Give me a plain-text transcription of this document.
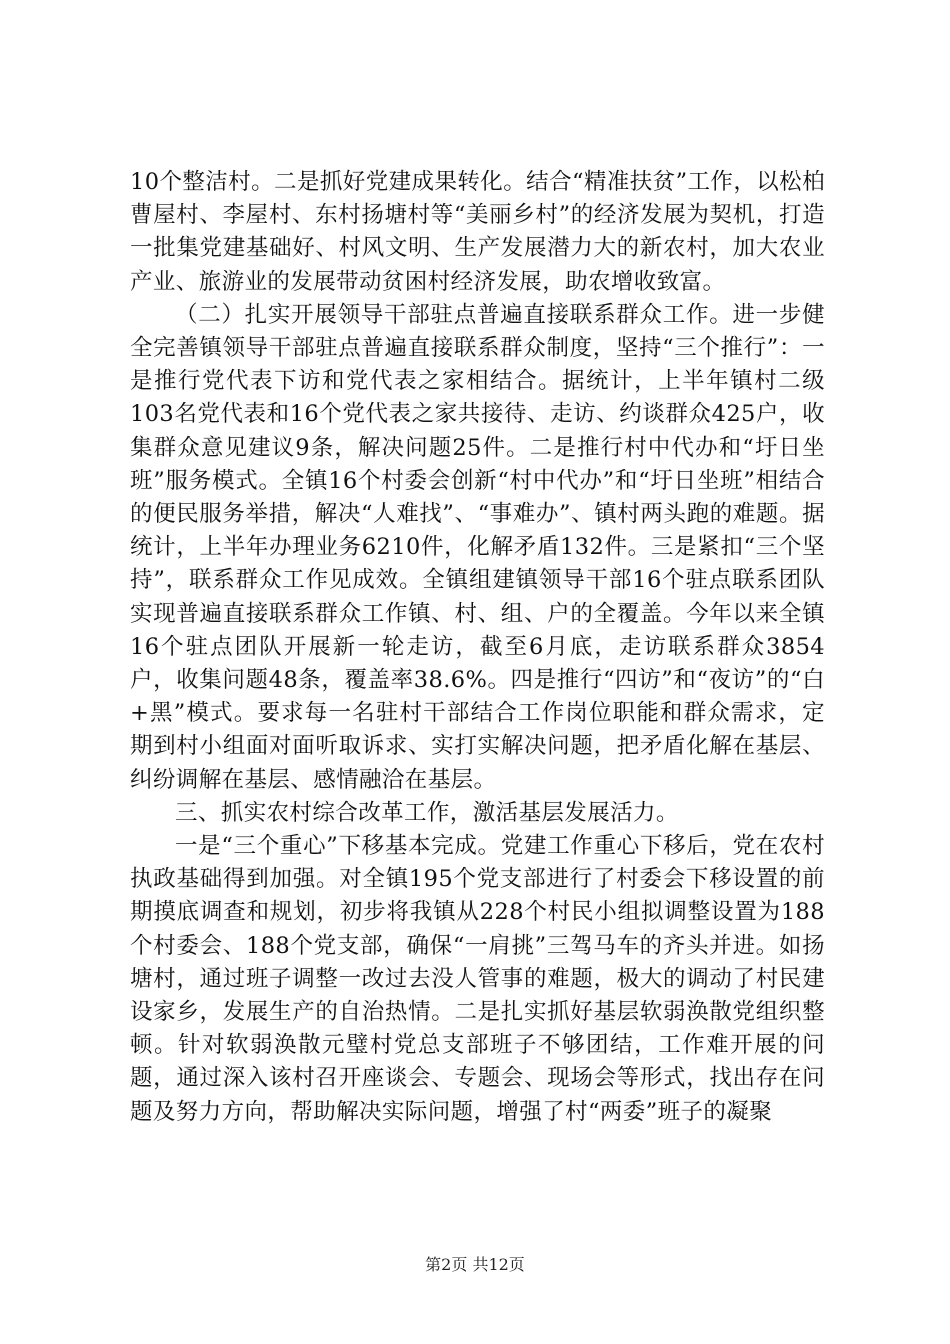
10个整洁村。二是抓好党建成果转化。结合“精准扶贫”工作，以松柏曹屋村、李屋村、东村扬塘村等“美丽乡村”的经济发展为契机，打造一批集党建基础好、村风文明、生产发展潜力大的新农村，加大农业产业、旅游业的发展带动贫困村经济发展，助农增收致富。

（二）扎实开展领导干部驻点普遍直接联系群众工作。进一步健全完善镇领导干部驻点普遍直接联系群众制度，坚持“三个推行”：一是推行党代表下访和党代表之家相结合。据统计，上半年镇村二级103名党代表和16个党代表之家共接待、走访、约谈群众425户，收集群众意见建议9条，解决问题25件。二是推行村中代办和“圩日坐班”服务模式。全镇16个村委会创新“村中代办”和“圩日坐班”相结合的便民服务举措，解决“人难找”、“事难办”、镇村两头跑的难题。据统计，上半年办理业务6210件，化解矛盾132件。三是紧扣“三个坚持”，联系群众工作见成效。全镇组建镇领导干部16个驻点联系团队实现普遍直接联系群众工作镇、村、组、户的全覆盖。今年以来全镇16个驻点团队开展新一轮走访，截至6月底，走访联系群众3854户，收集问题48条，覆盖率38.6%。四是推行“四访”和“夜访”的“白+黑”模式。要求每一名驻村干部结合工作岗位职能和群众需求，定期到村小组面对面听取诉求、实打实解决问题，把矛盾化解在基层、纠纷调解在基层、感情融洽在基层。

三、抓实农村综合改革工作，激活基层发展活力。

一是“三个重心”下移基本完成。党建工作重心下移后，党在农村执政基础得到加强。对全镇195个党支部进行了村委会下移设置的前期摸底调查和规划，初步将我镇从228个村民小组拟调整设置为188个村委会、188个党支部，确保“一肩挑”三驾马车的齐头并进。如扬塘村，通过班子调整一改过去没人管事的难题，极大的调动了村民建设家乡，发展生产的自治热情。二是扎实抓好基层软弱涣散党组织整顿。针对软弱涣散元璧村党总支部班子不够团结，工作难开展的问题，通过深入该村召开座谈会、专题会、现场会等形式，找出存在问题及努力方向，帮助解决实际问题，增强了村“两委”班子的凝聚

第2页 共12页
